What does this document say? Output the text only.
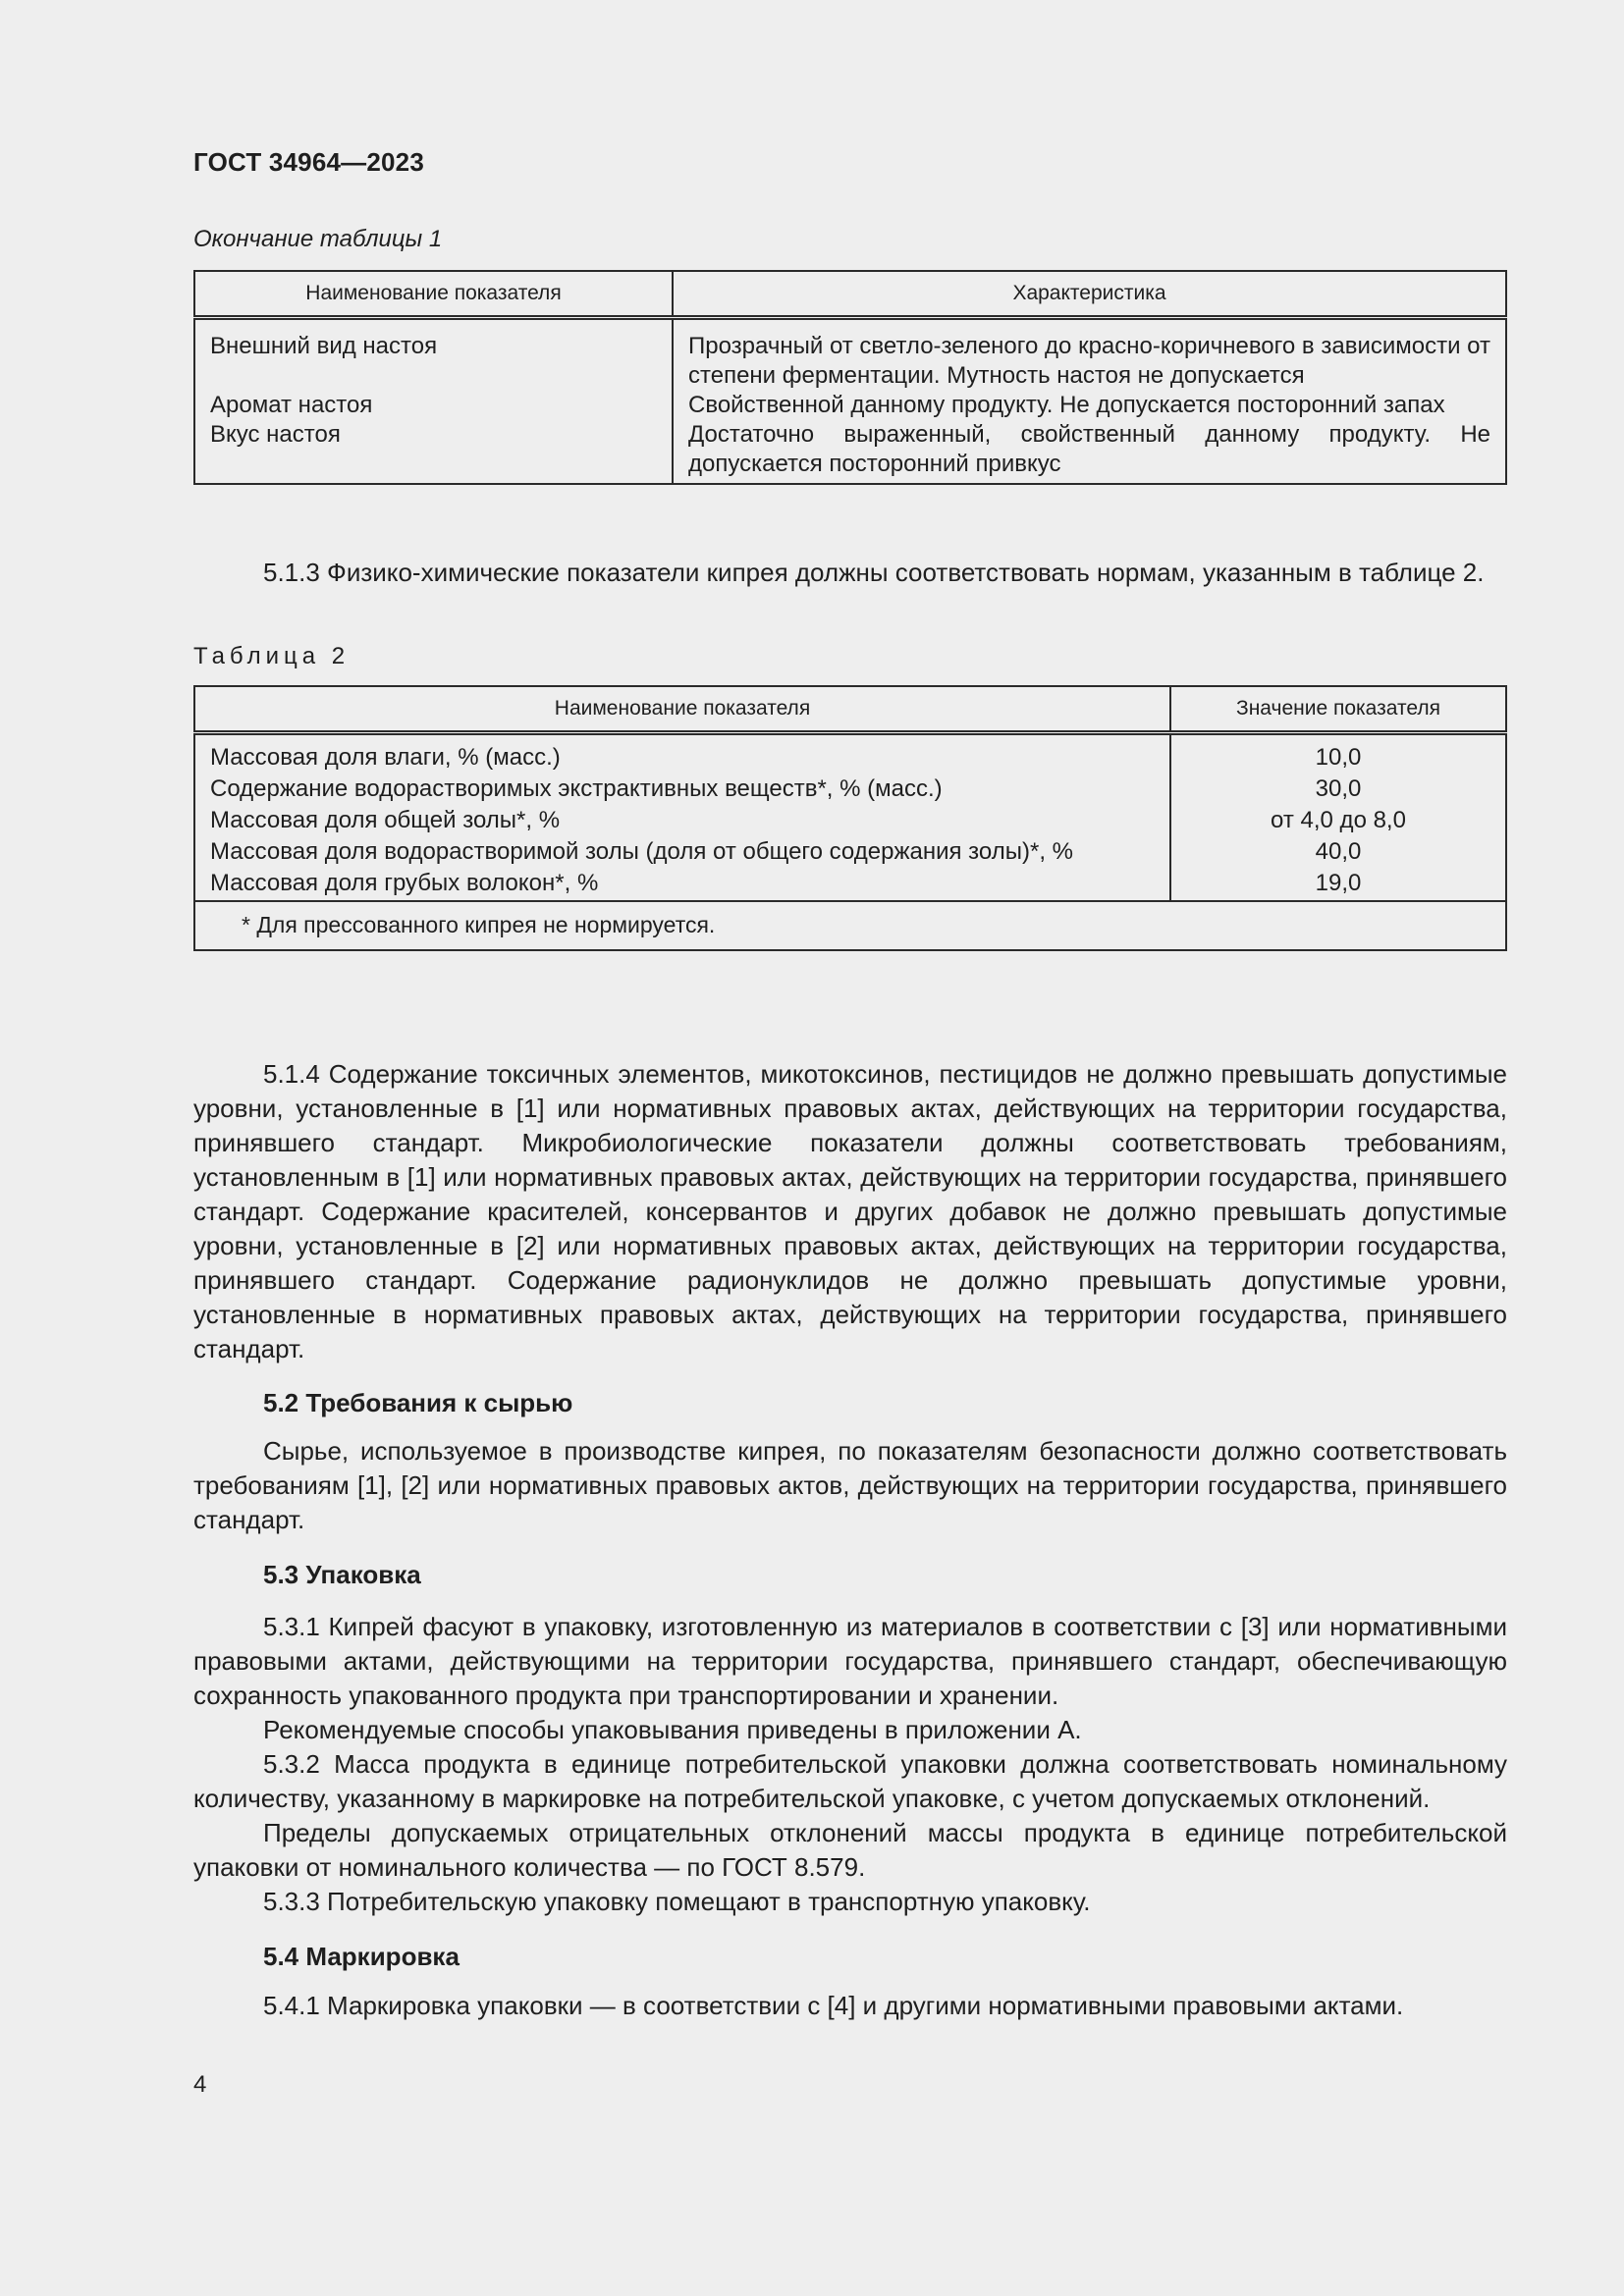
ГОСТ 34964—2023
Окончание таблицы 1
Наименование показателя	Характеристика
Внешний вид настоя	Прозрачный от светло-зеленого до красно-коричневого в зависимости от степени ферментации. Мутность настоя не допускается
Аромат настоя	Свойственной данному продукту. Не допускается посторонний запах
Вкус настоя	Достаточно выраженный, свойственный данному продукту. Не допускается посторонний привкус

5.1.3 Физико-химические показатели кипрея должны соответствовать нормам, указанным в таблице 2.

Таблица 2
Наименование показателя	Значение показателя
Массовая доля влаги, % (масс.)	10,0
Содержание водорастворимых экстрактивных веществ*, % (масс.)	30,0
Массовая доля общей золы*, %	от 4,0 до 8,0
Массовая доля водорастворимой золы (доля от общего содержания золы)*, %	40,0
Массовая доля грубых волокон*, %	19,0
* Для прессованного кипрея не нормируется.	

5.1.4 Содержание токсичных элементов, микотоксинов, пестицидов не должно превышать допустимые уровни, установленные в [1] или нормативных правовых актах, действующих на территории государства, принявшего стандарт. Микробиологические показатели должны соответствовать требованиям, установленным в [1] или нормативных правовых актах, действующих на территории государства, принявшего стандарт. Содержание красителей, консервантов и других добавок не должно превышать допустимые уровни, установленные в [2] или нормативных правовых актах, действующих на территории государства, принявшего стандарт. Содержание радионуклидов не должно превышать допустимые уровни, установленные в нормативных правовых актах, действующих на территории государства, принявшего стандарт.

5.2 Требования к сырью

Сырье, используемое в производстве кипрея, по показателям безопасности должно соответствовать требованиям [1], [2] или нормативных правовых актов, действующих на территории государства, принявшего стандарт.

5.3 Упаковка

5.3.1 Кипрей фасуют в упаковку, изготовленную из материалов в соответствии с [3] или нормативными правовыми актами, действующими на территории государства, принявшего стандарт, обеспечивающую сохранность упакованного продукта при транспортировании и хранении.

Рекомендуемые способы упаковывания приведены в приложении А.

5.3.2 Масса продукта в единице потребительской упаковки должна соответствовать номинальному количеству, указанному в маркировке на потребительской упаковке, с учетом допускаемых отклонений.

Пределы допускаемых отрицательных отклонений массы продукта в единице потребительской упаковки от номинального количества — по ГОСТ 8.579.

5.3.3 Потребительскую упаковку помещают в транспортную упаковку.

5.4 Маркировка

5.4.1 Маркировка упаковки — в соответствии с [4] и другими нормативными правовыми актами.

4
